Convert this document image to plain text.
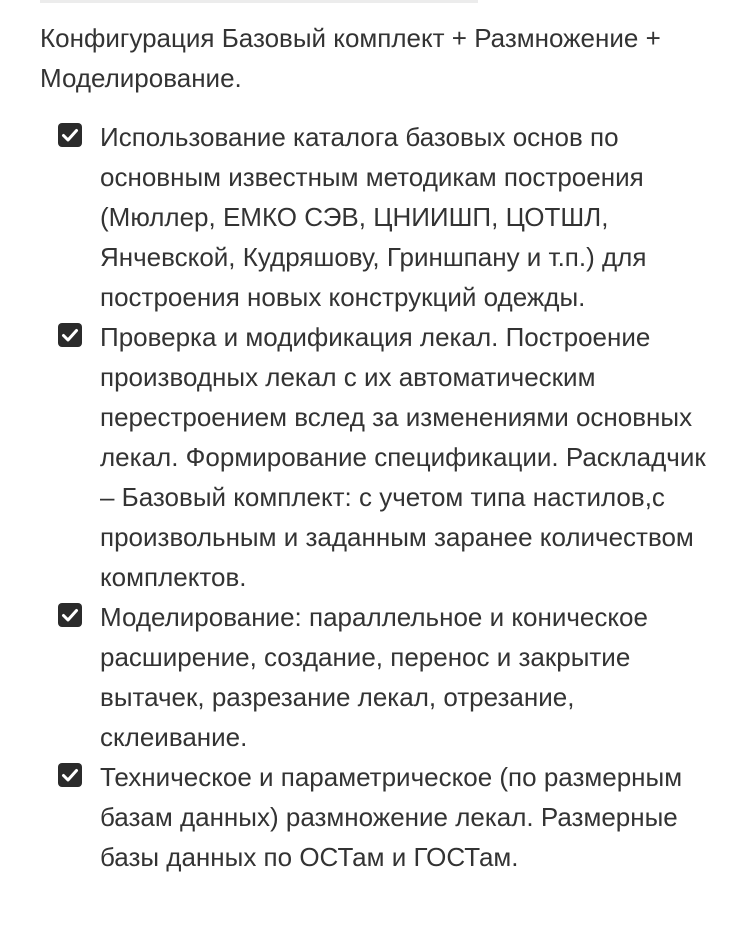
Конфигурация Базовый комплект + Размножение + Моделирование.

Использование каталога базовых основ по основным известным методикам построения (Мюллер, ЕМКО СЭВ, ЦНИИШП, ЦОТШЛ, Янчевской, Кудряшову, Гриншпану и т.п.) для построения новых конструкций одежды.
Проверка и модификация лекал. Построение производных лекал с их автоматическим перестроением вслед за изменениями основных лекал. Формирование спецификации. Раскладчик – Базовый комплект: с учетом типа настилов,с произвольным и заданным заранее количеством комплектов.
Моделирование: параллельное и коническое расширение, создание, перенос и закрытие вытачек, разрезание лекал, отрезание, склеивание.
Техническое и параметрическое (по размерным базам данных) размножение лекал. Размерные базы данных по ОСТам и ГОСТам.
